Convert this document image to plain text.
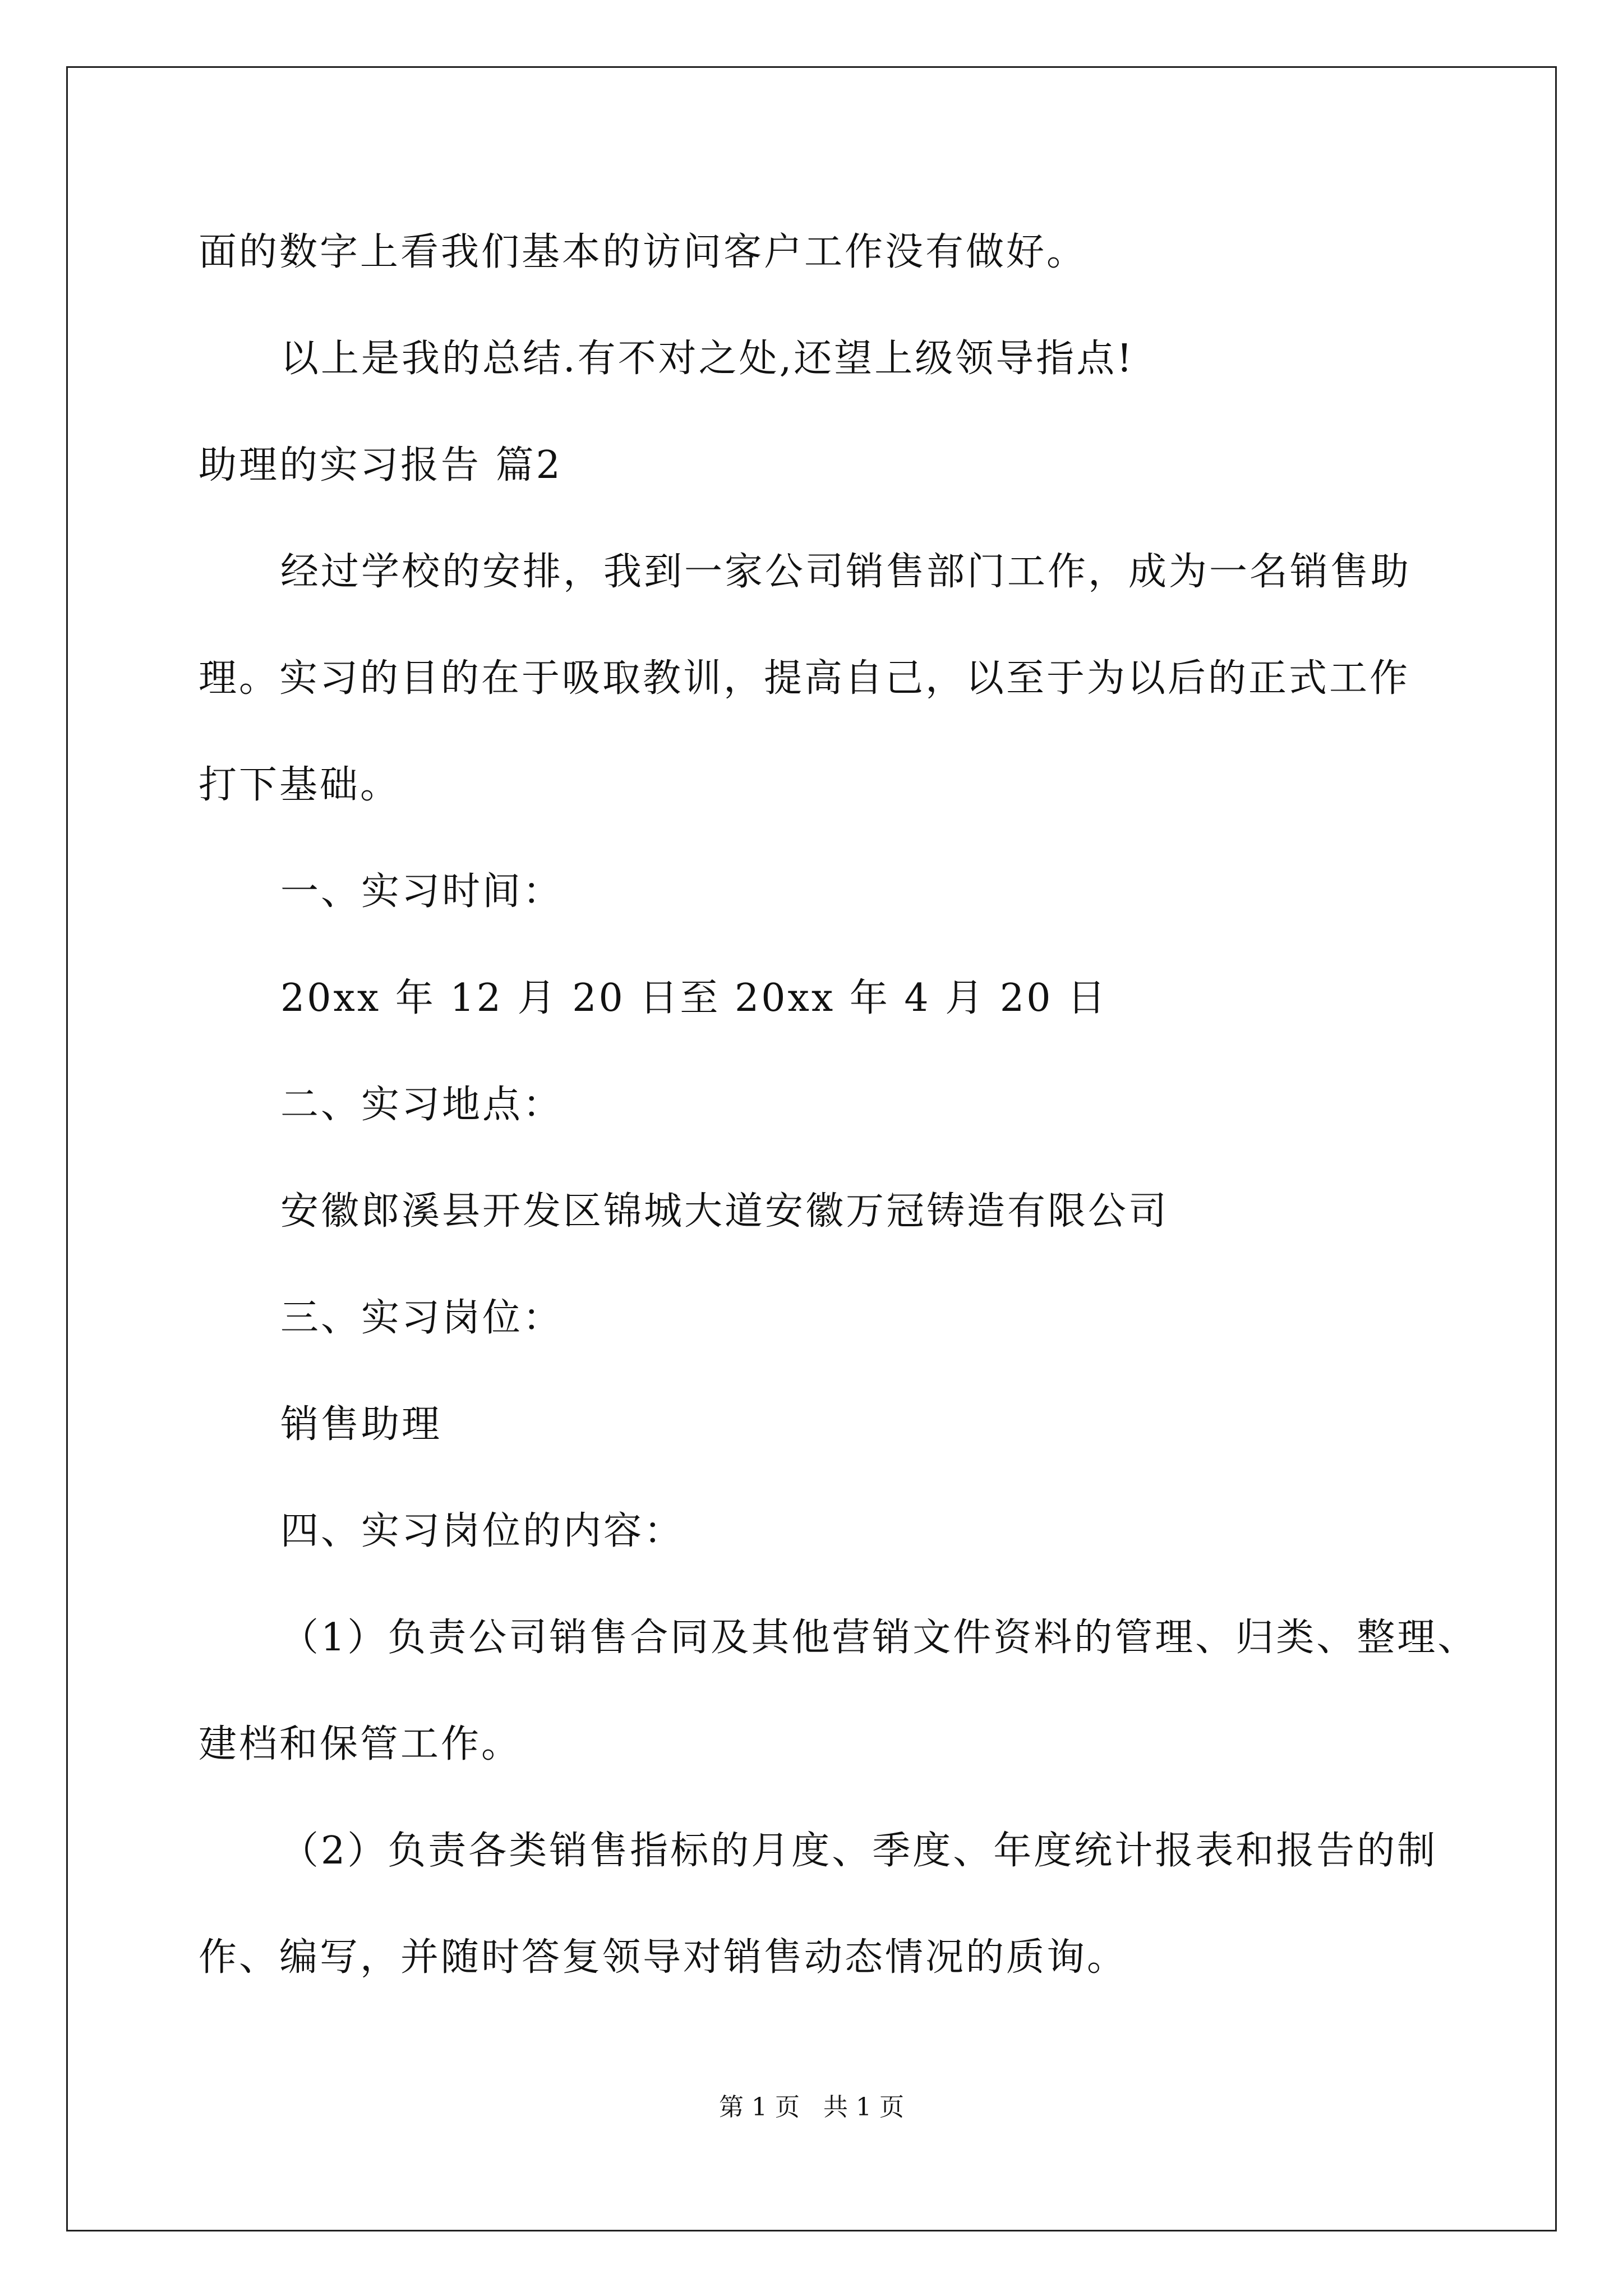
面的数字上看我们基本的访问客户工作没有做好。
以上是我的总结.有不对之处,还望上级领导指点!
助理的实习报告 篇2
经过学校的安排，我到一家公司销售部门工作，成为一名销售助
理。实习的目的在于吸取教训，提高自己，以至于为以后的正式工作
打下基础。
一、实习时间：
20xx 年 12 月 20 日至 20xx 年 4 月 20 日
二、实习地点：
安徽郎溪县开发区锦城大道安徽万冠铸造有限公司
三、实习岗位：
销售助理
四、实习岗位的内容：
（1）负责公司销售合同及其他营销文件资料的管理、归类、整理、
建档和保管工作。
（2）负责各类销售指标的月度、季度、年度统计报表和报告的制
作、编写，并随时答复领导对销售动态情况的质询。
第 1 页 共 1 页
